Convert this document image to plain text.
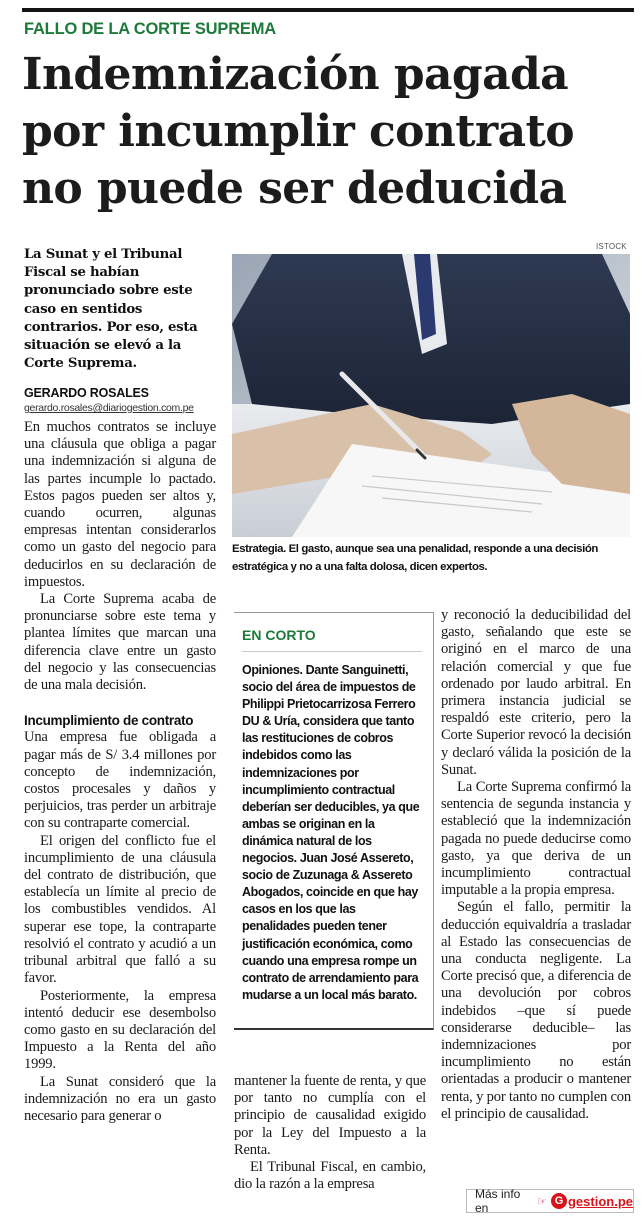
FALLO DE LA CORTE SUPREMA
Indemnización pagada por incumplir contrato no puede ser deducida
La Sunat y el Tribunal Fiscal se habían pronunciado sobre este caso en sentidos contrarios. Por eso, esta situación se elevó a la Corte Suprema.
GERARDO ROSALES
gerardo.rosales@diariogestion.com.pe

En muchos contratos se incluye una cláusula que obliga a pagar una indemnización si alguna de las partes incumple lo pactado. Estos pagos pueden ser altos y, cuando ocurren, algunas empresas intentan considerarlos como un gasto del negocio para deducirlos en su declaración de impuestos.

La Corte Suprema acaba de pronunciarse sobre este tema y plantea límites que marcan una diferencia clave entre un gasto del negocio y las consecuencias de una mala decisión.

Incumplimiento de contrato

Una empresa fue obligada a pagar más de S/ 3.4 millones por concepto de indemnización, costos procesales y daños y perjuicios, tras perder un arbitraje con su contraparte comercial.

El origen del conflicto fue el incumplimiento de una cláusula del contrato de distribución, que establecía un límite al precio de los combustibles vendidos. Al superar ese tope, la contraparte resolvió el contrato y acudió a un tribunal arbitral que falló a su favor.

Posteriormente, la empresa intentó deducir ese desembolso como gasto en su declaración del Impuesto a la Renta del año 1999.

La Sunat consideró que la indemnización no era un gasto necesario para generar o

ISTOCK
Estrategia. El gasto, aunque sea una penalidad, responde a una decisión estratégica y no a una falta dolosa, dicen expertos.
EN CORTO
Opiniones. Dante Sanguinetti, socio del área de impuestos de Philippi Prietocarrizosa Ferrero DU & Uría, considera que tanto las restituciones de cobros indebidos como las indemnizaciones por incumplimiento contractual deberían ser deducibles, ya que ambas se originan en la dinámica natural de los negocios. Juan José Assereto, socio de Zuzunaga & Assereto Abogados, coincide en que hay casos en los que las penalidades pueden tener justificación económica, como cuando una empresa rompe un contrato de arrendamiento para mudarse a un local más barato.

mantener la fuente de renta, y que por tanto no cumplía con el principio de causalidad exigido por la Ley del Impuesto a la Renta.

El Tribunal Fiscal, en cambio, dio la razón a la empresa

y reconoció la deducibilidad del gasto, señalando que este se originó en el marco de una relación comercial y que fue ordenado por laudo arbitral. En primera instancia judicial se respaldó este criterio, pero la Corte Superior revocó la decisión y declaró válida la posición de la Sunat.

La Corte Suprema confirmó la sentencia de segunda instancia y estableció que la indemnización pagada no puede deducirse como gasto, ya que deriva de un incumplimiento contractual imputable a la propia empresa.

Según el fallo, permitir la deducción equivaldría a trasladar al Estado las consecuencias de una conducta negligente. La Corte precisó que, a diferencia de una devolución por cobros indebidos –que sí puede considerarse deducible– las indemnizaciones por incumplimiento no están orientadas a producir o mantener renta, y por tanto no cumplen con el principio de causalidad.

Más info en	☞ G gestion.pe
